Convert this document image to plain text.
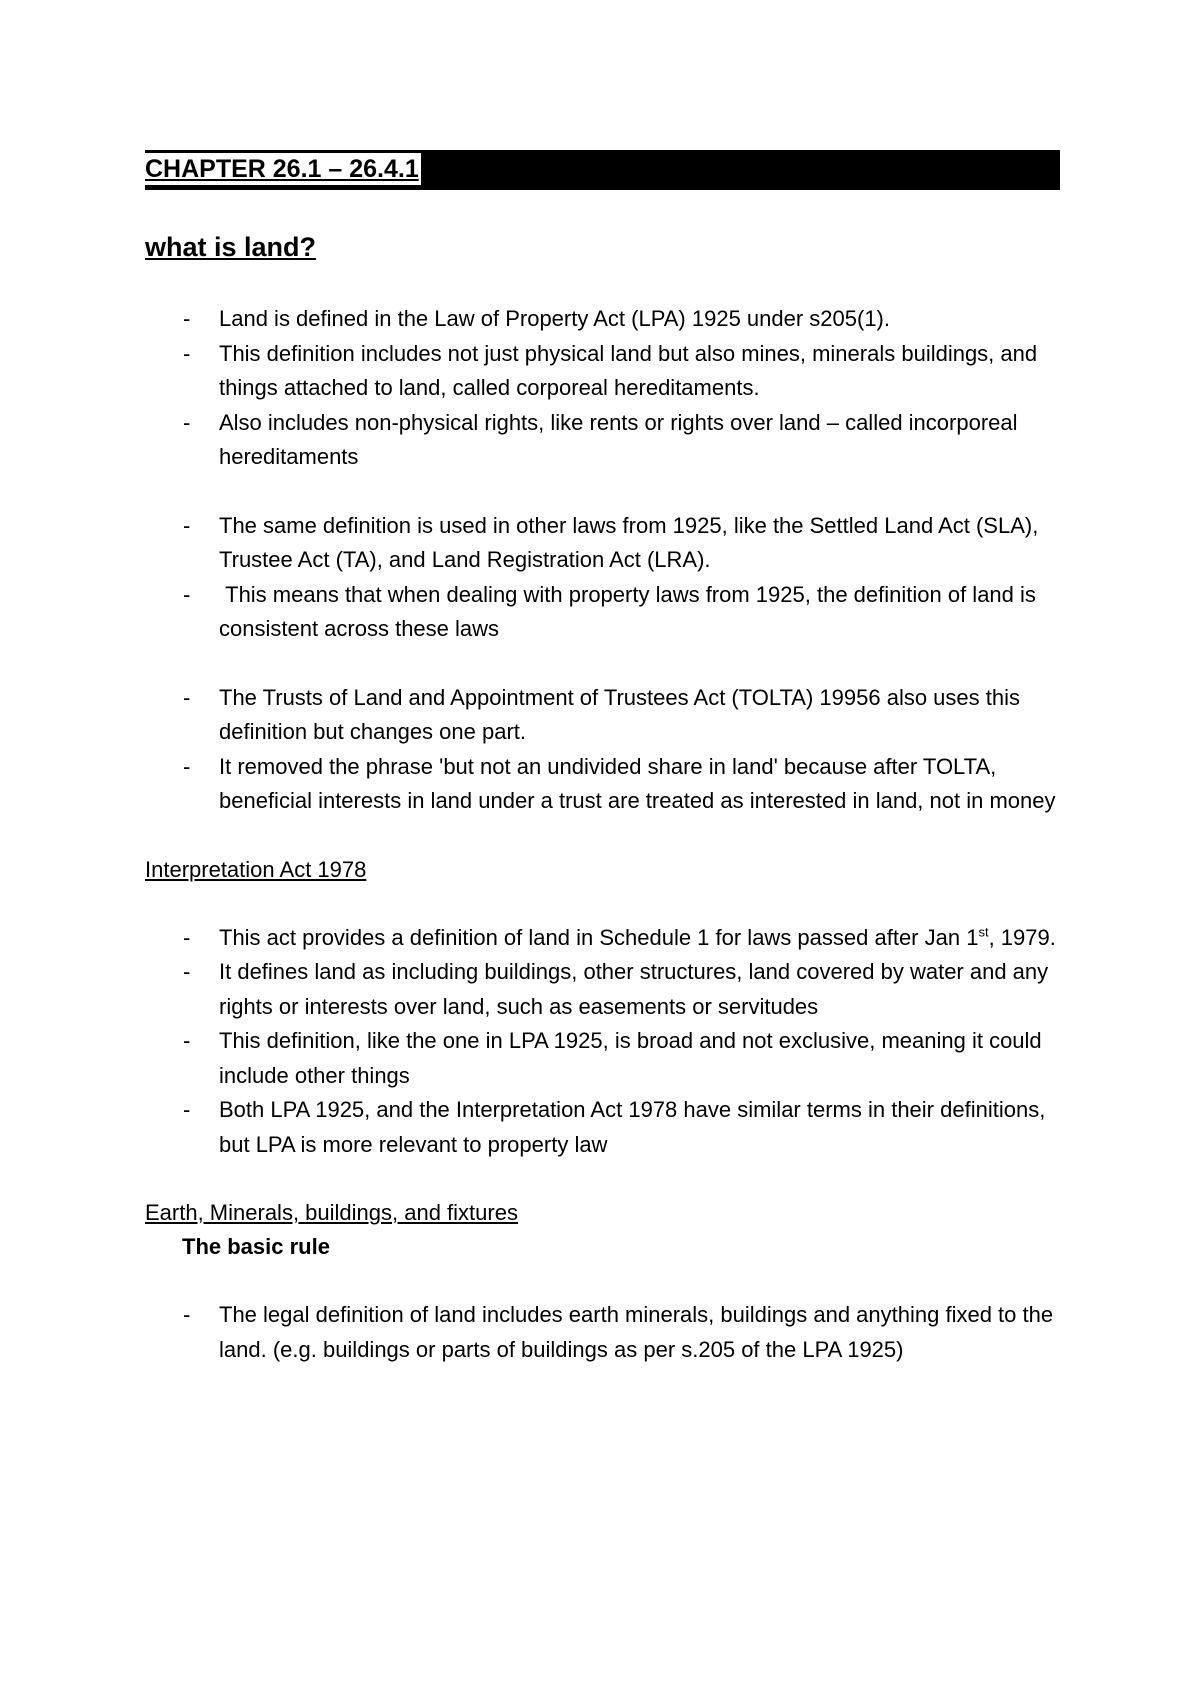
CHAPTER 26.1 – 26.4.1
what is land?
- Land is defined in the Law of Property Act (LPA) 1925 under s205(1).
- This definition includes not just physical land but also mines, minerals buildings, and things attached to land, called corporeal hereditaments.
- Also includes non-physical rights, like rents or rights over land – called incorporeal hereditaments
- The same definition is used in other laws from 1925, like the Settled Land Act (SLA), Trustee Act (TA), and Land Registration Act (LRA).
- This means that when dealing with property laws from 1925, the definition of land is consistent across these laws
- The Trusts of Land and Appointment of Trustees Act (TOLTA) 19956 also uses this definition but changes one part.
- It removed the phrase 'but not an undivided share in land' because after TOLTA, beneficial interests in land under a trust are treated as interested in land, not in money
Interpretation Act 1978
- This act provides a definition of land in Schedule 1 for laws passed after Jan 1st, 1979.
- It defines land as including buildings, other structures, land covered by water and any rights or interests over land, such as easements or servitudes
- This definition, like the one in LPA 1925, is broad and not exclusive, meaning it could include other things
- Both LPA 1925, and the Interpretation Act 1978 have similar terms in their definitions, but LPA is more relevant to property law
Earth, Minerals, buildings, and fixtures
The basic rule
- The legal definition of land includes earth minerals, buildings and anything fixed to the land. (e.g. buildings or parts of buildings as per s.205 of the LPA 1925)
